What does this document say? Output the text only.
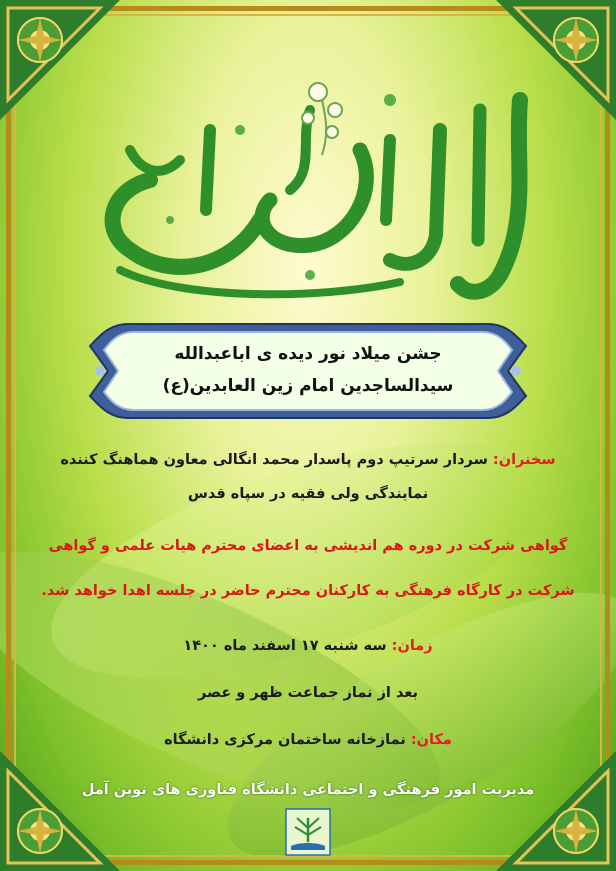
جشن میلاد نور دیده ی اباعبدالله

سیدالساجدین امام زین العابدین(ع)

سخنران: سردار سرتیپ دوم پاسدار محمد انگالی معاون هماهنگ کننده

نمایندگی ولی فقیه در سپاه قدس

گواهی شرکت در دوره هم اندیشی به اعضای محترم هیات علمی و گواهی

شرکت در کارگاه فرهنگی به کارکنان محترم حاضر در جلسه اهدا خواهد شد.

زمان: سه شنبه ۱۷ اسفند ماه ۱۴۰۰

بعد از نماز جماعت ظهر و عصر

مکان: نمازخانه ساختمان مرکزی دانشگاه

مدیریت امور فرهنگی و اجتماعی دانشگاه فناوری های نوین آمل
